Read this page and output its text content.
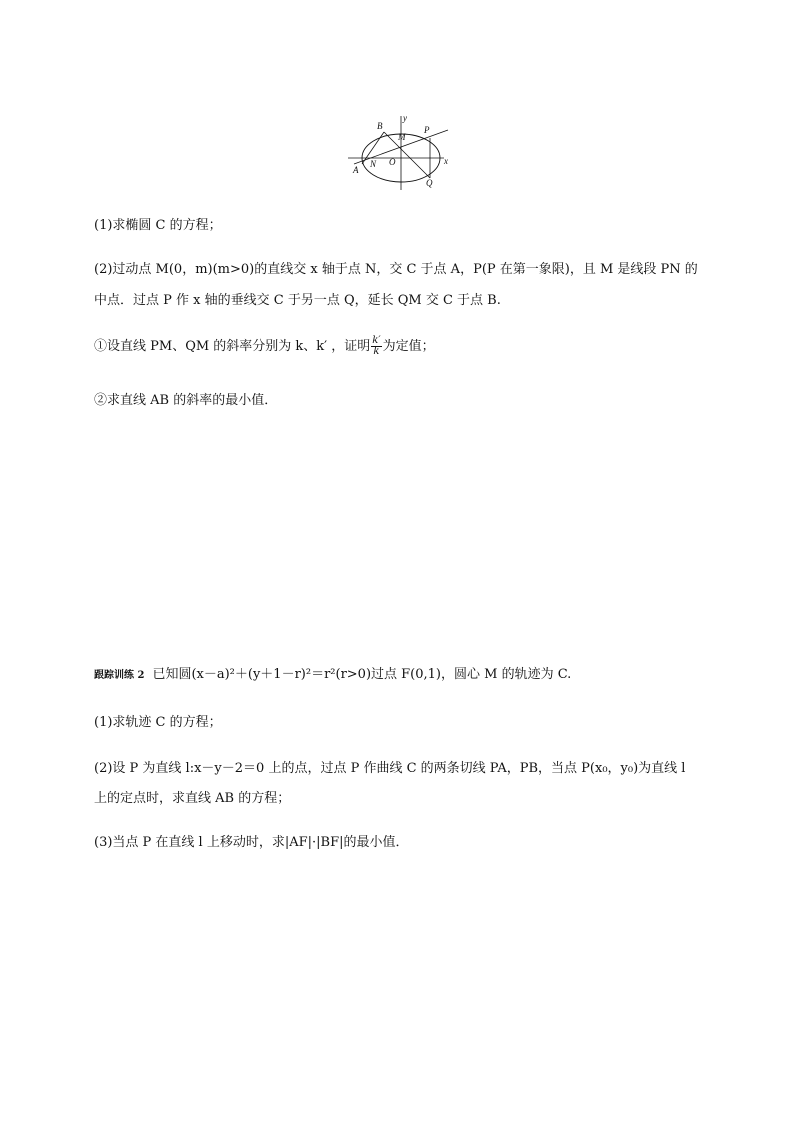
B
y
M
P
N O	x
A
Q
(1)求椭圆 C 的方程；
(2)过动点 M(0，m)(m>0)的直线交 x 轴于点 N，交 C 于点 A，P(P 在第一象限)，且 M 是线段 PN 的
中点．过点 P 作 x 轴的垂线交 C 于另一点 Q，延长 QM 交 C 于点 B.
①设直线 PM、QM 的斜率分别为 k、k′ ，证明 $\frac{k'}{k}$ 为定值；
②求直线 AB 的斜率的最小值．
跟踪训练 2 已知圆(x－a)²＋(y＋1－r)²＝r²(r>0)过点 F(0,1)，圆心 M 的轨迹为 C.
(1)求轨迹 C 的方程；
(2)设 P 为直线 l:x－y－2＝0 上的点，过点 P 作曲线 C 的两条切线 PA，PB，当点 P(x₀，y₀)为直线 l
上的定点时，求直线 AB 的方程；
(3)当点 P 在直线 l 上移动时，求|AF|·|BF|的最小值．
